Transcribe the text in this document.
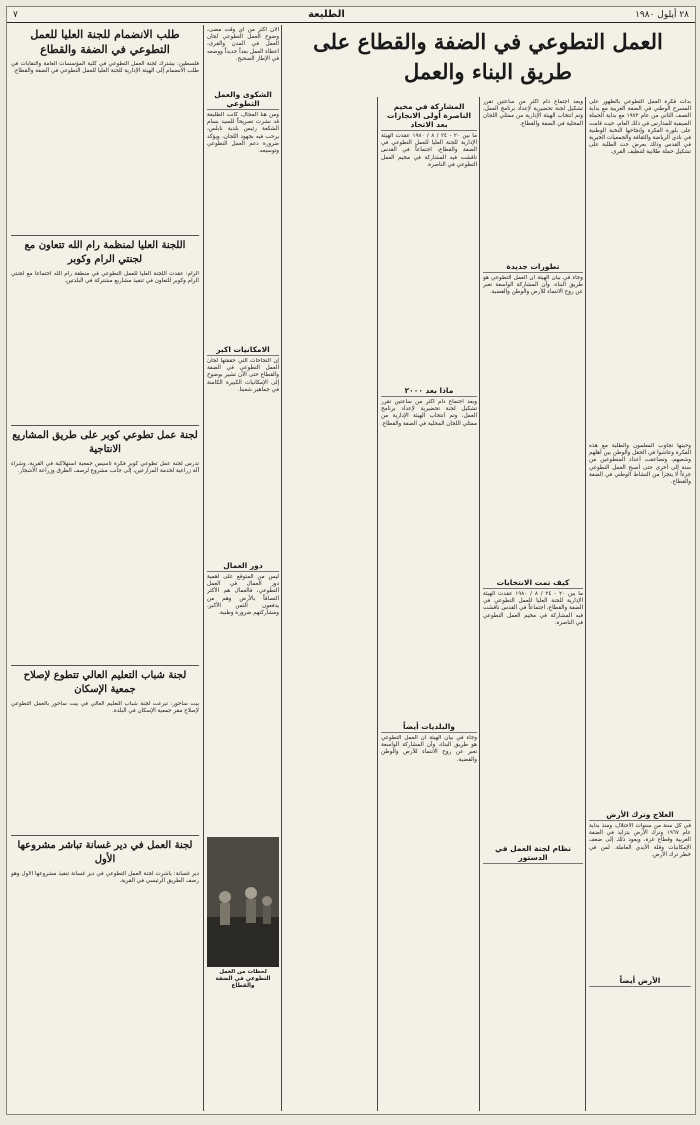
٢٨ أيلول ١٩٨٠
الطليعة
٧
العمل التطوعي في الضفة والقطاع على طريق البناء والعمل

بدأت فكرة العمل التطوعي بالظهور على المسرح الوطني في الضفة الغربية مع بداية النصف الثاني من عام ١٩٧٢ مع بداية الحملة الصيفية للمدارس في ذلك العام، حيث قامت على بلورة الفكرة وإنجاحها النخبة الوطنية في نادي الرياضة والثقافة والجمعيات الخيرية في القدس وذلك بعرض حث الطلبة على تشكيل حملة طلابية لتنظيف القرى.

وحينها تجاوب المعلمون والطلبة مع هذه الفكرة وعاشوا في الحقل والوطن بين أهلهم وشعبهم، وتضاعفت أعداد المتطوعين من سنة إلى أخرى حتى أصبح العمل التطوعي جزءاً لا يتجزأ من النشاط الوطني في الضفة والقطاع.

العلاج وترك الأرض
في كل سنة من سنوات الاحتلال، ومنذ بداية عام ١٩٦٧ وترك الأرض يتزايد في الضفة الغربية وقطاع غزة، ويعود ذلك إلى ضعف الإمكانيات وقلة الأيدي العاملة. لمن في خطر ترك الأرض.
الأرض أيضاً
وبعد اجتماع دام اكثر من ساعتين تقرر تشكيل لجنة تحضيرية لإعداد برنامج العمل، وتم انتخاب الهيئة الإدارية من ممثلي اللجان المحلية في الضفة والقطاع.
تطورات جديدة
وجاء في بيان الهيئة أن العمل التطوعي هو طريق البناء، وأن المشاركة الواسعة تعبر عن روح الانتماء للأرض والوطن والقضية.
كيف تمت الانتخابات
ما بين ٢٠ - ٢٤ / ٨ / ١٩٨٠ عقدت الهيئة الإدارية للجنة العليا للعمل التطوعي في الضفة والقطاع، اجتماعاً في القدس ناقشت فيه المشاركة في مخيم العمل التطوعي في الناصرة.
نظام لجنة العمل في الدستور
المشاركة في مخيم الناصرة أولى الانجازات بعد الاتحاد
ما بين ٢٠ - ٢٤ / ٨ / ١٩٨٠ عقدت الهيئة الإدارية للجنة العليا للعمل التطوعي في الضفة والقطاع، اجتماعاً في القدس ناقشت فيه المشاركة في مخيم العمل التطوعي في الناصرة.
ماذا بعد ٢٠٠٠
وبعد اجتماع دام اكثر من ساعتين تقرر تشكيل لجنة تحضيرية لإعداد برنامج العمل، وتم انتخاب الهيئة الإدارية من ممثلي اللجان المحلية في الضفة والقطاع.
والبلديات أيضاً
وجاء في بيان الهيئة أن العمل التطوعي هو طريق البناء، وأن المشاركة الواسعة تعبر عن روح الانتماء للأرض والوطن والقضية.
الآن اكثر من أي وقت مضى، وضوح العمل التطوعي لجان العمل في المدن والقرى، اعطاء العمل بعداً جديداً ووضعه في الإطار الصحيح.
الشكوى والعمل التطوعي
ومن هنا المجال، كانت الطليعة قد نشرت تصريحاً للسيد بسام الشكعة رئيس بلدية نابلس، يرحب فيه بجهود اللجان، ويؤكد ضرورة دعم العمل التطوعي وتوسيعه.
الامكانيات اكبر
إن النجاحات التي حققتها لجان العمل التطوعي في الضفة والقطاع حتى الآن تشير بوضوح إلى الإمكانيات الكبيرة الكامنة في جماهير شعبنا.
دور العمال
ليس من المتوقع على أهمية دور العمال في العمل التطوعي، فالعمال هم الأكثر التصاقاً بالأرض وهم من يدفعون الثمن الأكبر، ومشاركتهم ضرورة وطنية.
لحظات من العمل التطوعي في الضفة والقطاع
طلب الانضمام للجنة العليا للعمل التطوعي في الضفة والقطاع
فلسطين: يشترك لجنة العمل التطوعي في كلية المؤسسات العامة والنقابات في طلب الانضمام إلى الهيئة الإدارية للجنة العليا للعمل التطوعي في الضفة والقطاع.
اللجنة العليا لمنظمة رام الله تتعاون مع لجنتي الرام وكوبر
الرام: عقدت اللجنة العليا للعمل التطوعي في منطقة رام الله اجتماعاً مع لجنتي الرام وكوبر للتعاون في تنفيذ مشاريع مشتركة في البلدتين.
لجنة عمل تطوعي كوبر على طريق المشاريع الانتاجية
تدرس لجنة عمل تطوعي كوبر فكرة تأسيس جمعية استهلاكية في القرية، وشراء آلة زراعية لخدمة المزارعين، إلى جانب مشروع لرصف الطرق وزراعة الأشجار.
لجنة شباب التعليم العالي تتطوع لإصلاح جمعية الإسكان
بيت ساحور: تبرعت لجنة شباب التعليم العالي في بيت ساحور بالعمل التطوعي لإصلاح مقر جمعية الإسكان في البلدة.
لجنة العمل في دير غسانة تباشر مشروعها الأول
دير غسانة: باشرت لجنة العمل التطوعي في دير غسانة تنفيذ مشروعها الأول وهو رصف الطريق الرئيسي في القرية.
